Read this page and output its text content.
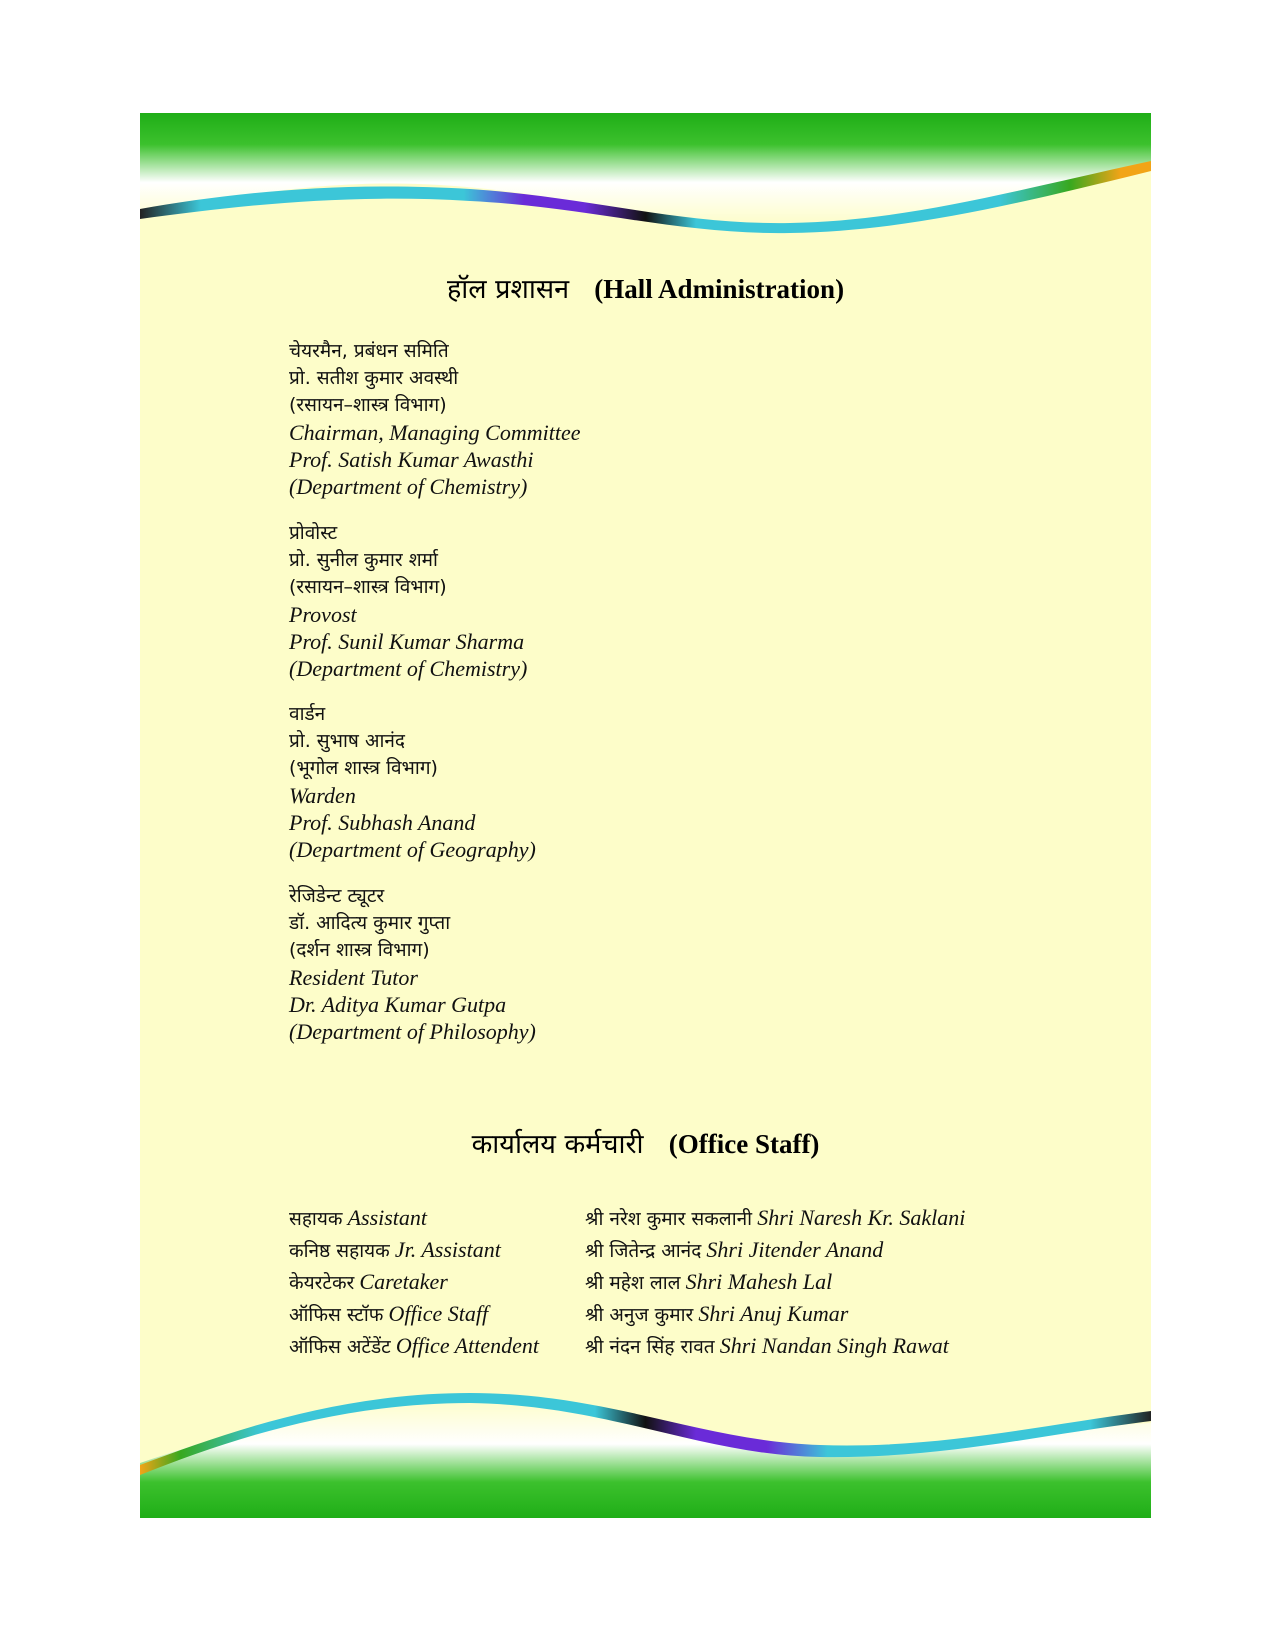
हॉल प्रशासन (Hall Administration)
चेयरमैन, प्रबंधन समिति
प्रो. सतीश कुमार अवस्थी
(रसायन–शास्त्र विभाग)
Chairman, Managing Committee
Prof. Satish Kumar Awasthi
(Department of Chemistry)
प्रोवोस्ट
प्रो. सुनील कुमार शर्मा
(रसायन–शास्त्र विभाग)
Provost
Prof. Sunil Kumar Sharma
(Department of Chemistry)
वार्डन
प्रो. सुभाष आनंद
(भूगोल शास्त्र विभाग)
Warden
Prof. Subhash Anand
(Department of Geography)
रेजिडेन्ट ट्यूटर
डॉ. आदित्य कुमार गुप्ता
(दर्शन शास्त्र विभाग)
Resident Tutor
Dr. Aditya Kumar Gutpa
(Department of Philosophy)
कार्यालय कर्मचारी (Office Staff)
सहायक Assistant	श्री नरेश कुमार सकलानी Shri Naresh Kr. Saklani
कनिष्ठ सहायक Jr. Assistant	श्री जितेन्द्र आनंद Shri Jitender Anand
केयरटेकर Caretaker	श्री महेश लाल Shri Mahesh Lal
ऑफिस स्टॉफ Office Staff	श्री अनुज कुमार Shri Anuj Kumar
ऑफिस अटेंडेंट Office Attendent	श्री नंदन सिंह रावत Shri Nandan Singh Rawat
